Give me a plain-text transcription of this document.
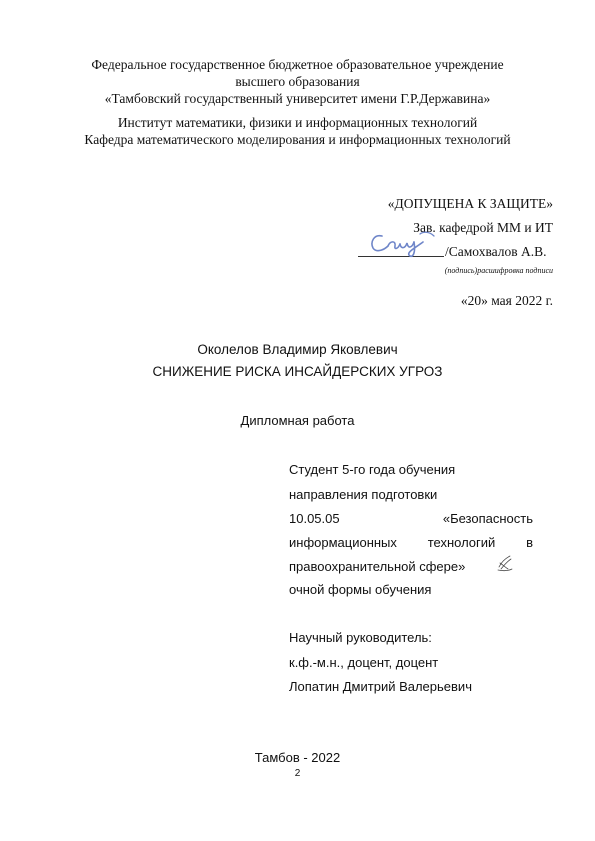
Федеральное государственное бюджетное образовательное учреждение
высшего образования
«Тамбовский государственный университет имени Г.Р.Державина»
Институт математики, физики и информационных технологий
Кафедра математического моделирования и информационных технологий
«ДОПУЩЕНА К ЗАЩИТЕ»
Зав. кафедрой ММ и ИТ
/Самохвалов А.В.
(подпись)расшифровка подписи
«20» мая 2022 г.
Околелов Владимир Яковлевич
СНИЖЕНИЕ РИСКА ИНСАЙДЕРСКИХ УГРОЗ
Дипломная работа
Студент 5-го года обучения
направления подготовки
10.05.05	«Безопасность
информационных технологий в
правоохранительной сфере»
очной формы обучения
Научный руководитель:
к.ф.-м.н., доцент, доцент
Лопатин Дмитрий Валерьевич
Тамбов - 2022
2
